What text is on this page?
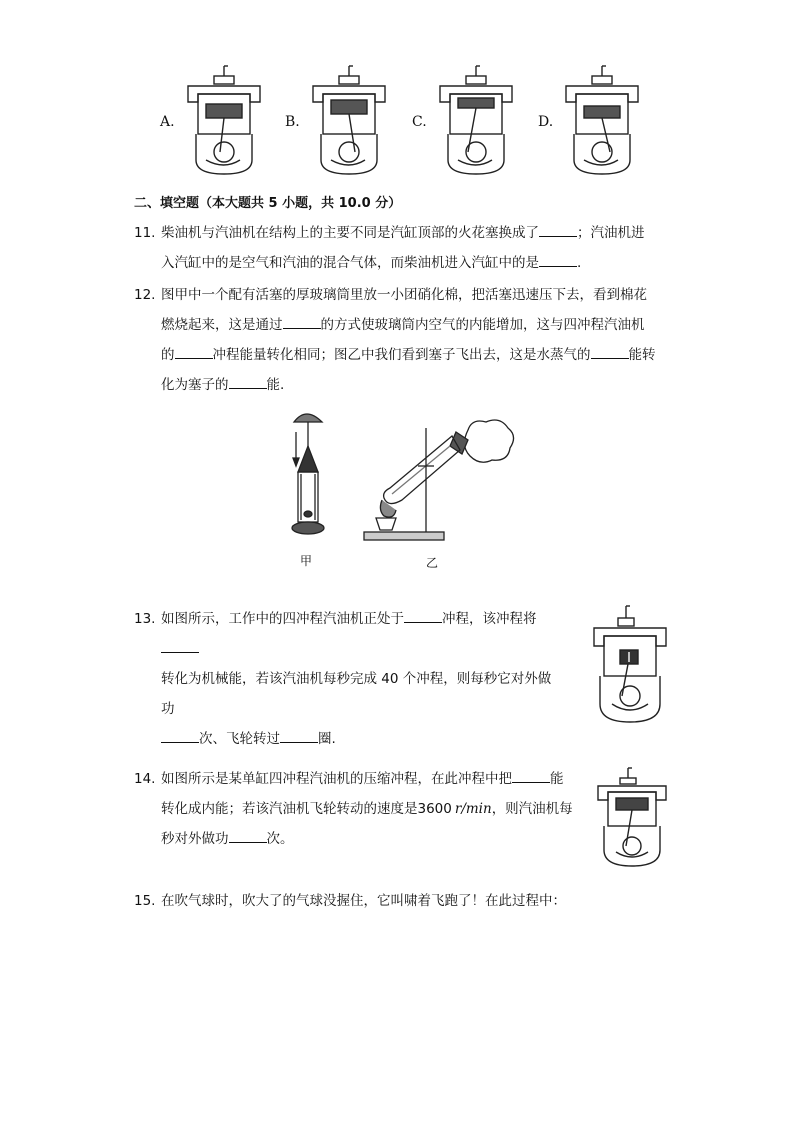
A.	B.	C.	D.
二、填空题（本大题共 5 小题，共 10.0 分）
11. 柴油机与汽油机在结构上的主要不同是汽缸顶部的火花塞换成了	；汽油机进
入汽缸中的是空气和汽油的混合气体，而柴油机进入汽缸中的是	.
12. 图甲中一个配有活塞的厚玻璃筒里放一小团硝化棉，把活塞迅速压下去，看到棉花
燃烧起来，这是通过	的方式使玻璃筒内空气的内能增加，这与四冲程汽油机
的	冲程能量转化相同；图乙中我们看到塞子飞出去，这是水蒸气的	能转
化为塞子的	能.
甲	乙
13. 如图所示，工作中的四冲程汽油机正处于	冲程，该冲程将
转化为机械能，若该汽油机每秒完成 40 个冲程，则每秒它对外做功
次、飞轮转过	圈.
14. 如图所示是某单缸四冲程汽油机的压缩冲程，在此冲程中把	能
转化成内能；若该汽油机飞轮转动的速度是3600 r/min，则汽油机每
秒对外做功	次。
15. 在吹气球时，吹大了的气球没握住，它叫啸着飞跑了！在此过程中：
